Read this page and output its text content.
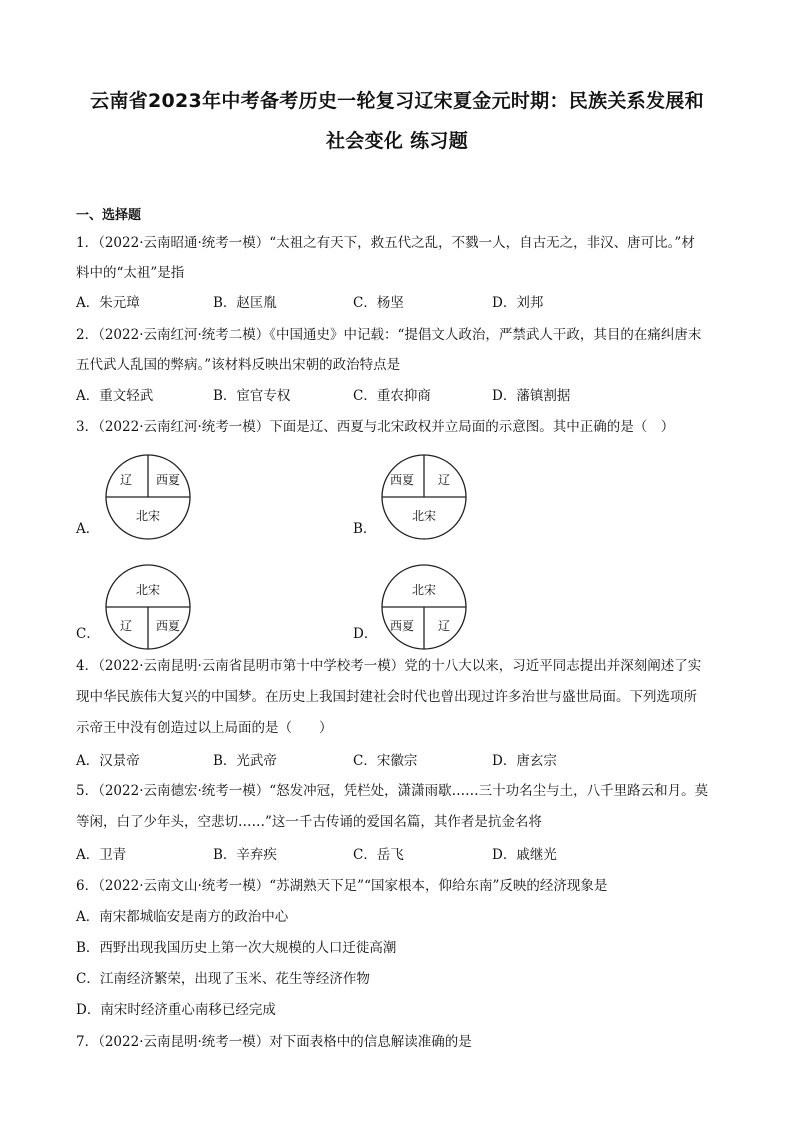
云南省2023年中考备考历史一轮复习辽宋夏金元时期：民族关系发展和
社会变化 练习题
一、选择题
1．（2022·云南昭通·统考一模）“太祖之有天下，救五代之乱，不戮一人，自古无之，非汉、唐可比。”材
料中的“太祖”是指
A．朱元璋	B．赵匡胤	C．杨坚	D．刘邦
2．（2022·云南红河·统考二模）《中国通史》中记载：“提倡文人政治，严禁武人干政，其目的在痛纠唐末
五代武人乱国的弊病。”该材料反映出宋朝的政治特点是
A．重文轻武	B．宦官专权	C．重农抑商	D．藩镇割据
3．（2022·云南红河·统考一模）下面是辽、西夏与北宋政权并立局面的示意图。其中正确的是（　）
A．
辽	西夏
北宋
B．
西夏	辽
北宋
C．
北宋
辽	西夏	D．
北宋
西夏	辽
4．（2022·云南昆明·云南省昆明市第十中学校考一模）党的十八大以来，习近平同志提出并深刻阐述了实
现中华民族伟大复兴的中国梦。在历史上我国封建社会时代也曾出现过许多治世与盛世局面。下列选项所
示帝王中没有创造过以上局面的是（　　）
A．汉景帝	B．光武帝	C．宋徽宗	D．唐玄宗
5．（2022·云南德宏·统考一模）“怒发冲冠，凭栏处，潇潇雨歇……三十功名尘与土，八千里路云和月。莫
等闲，白了少年头，空悲切……”这一千古传诵的爱国名篇，其作者是抗金名将
A．卫青	B．辛弃疾	C．岳飞	D．戚继光
6．（2022·云南文山·统考一模）“苏湖熟天下足”“国家根本，仰给东南”反映的经济现象是
A．南宋都城临安是南方的政治中心
B．西野出现我国历史上第一次大规模的人口迁徙高潮
C．江南经济繁荣，出现了玉米、花生等经济作物
D．南宋时经济重心南移已经完成
7．（2022·云南昆明·统考一模）对下面表格中的信息解读准确的是
